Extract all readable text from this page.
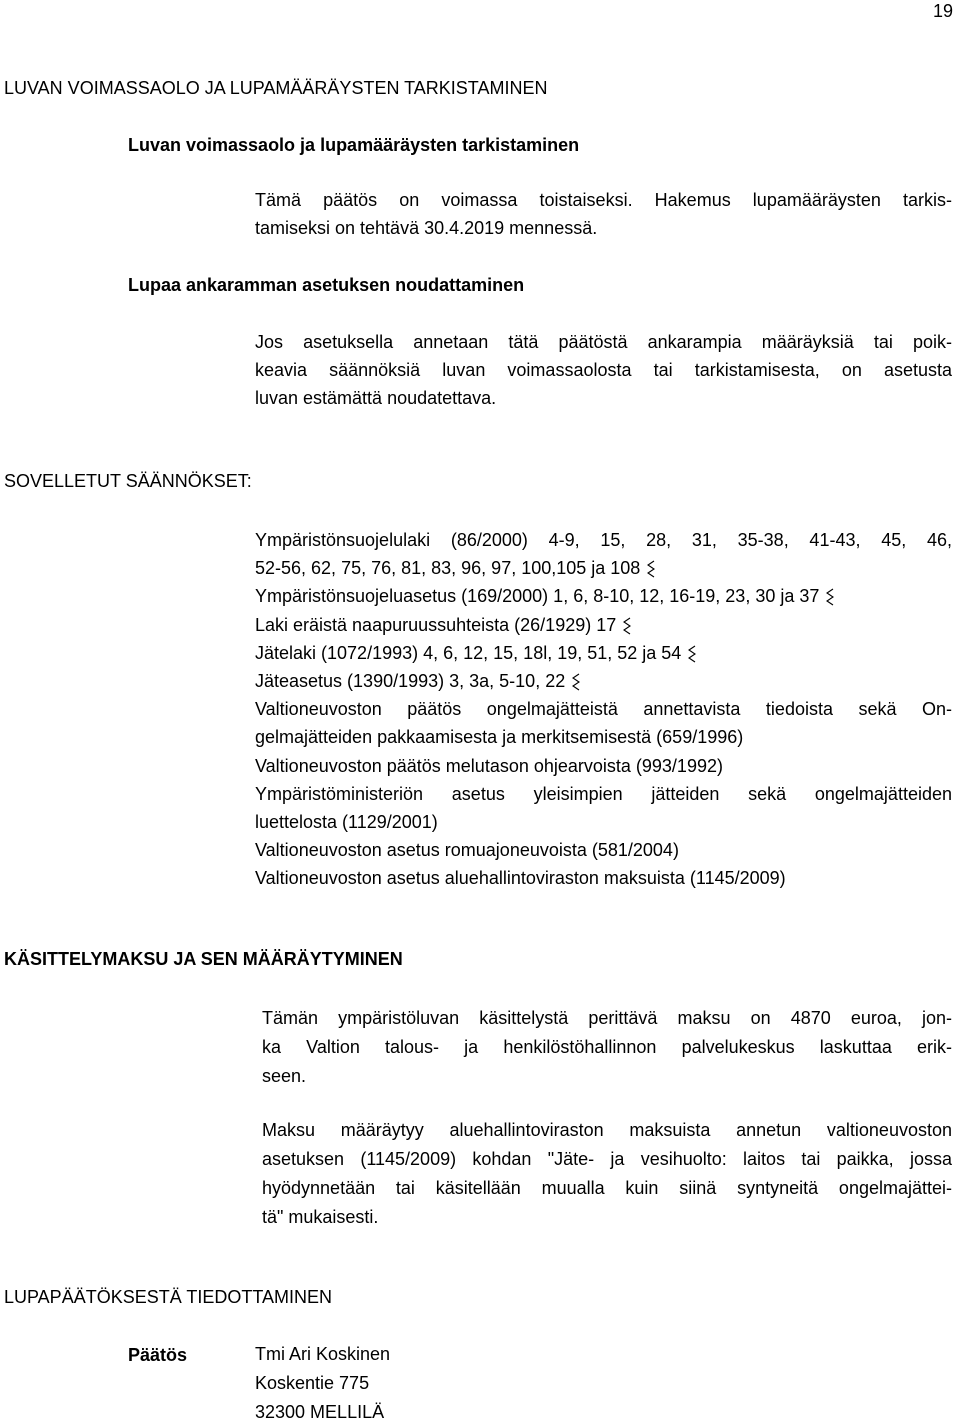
19
LUVAN VOIMASSAOLO JA LUPAMÄÄRÄYSTEN TARKISTAMINEN
Luvan voimassaolo ja lupamääräysten tarkistaminen
Tämä päätös on voimassa toistaiseksi. Hakemus lupamääräysten tarkis-
tamiseksi on tehtävä 30.4.2019 mennessä.
Lupaa ankaramman asetuksen noudattaminen
Jos asetuksella annetaan tätä päätöstä ankarampia määräyksiä tai poik-
keavia säännöksiä luvan voimassaolosta tai tarkistamisesta, on asetusta
luvan estämättä noudatettava.
SOVELLETUT SÄÄNNÖKSET:
Ympäristönsuojelulaki (86/2000) 4-9, 15, 28, 31, 35-38, 41-43, 45, 46,
52-56, 62, 75, 76, 81, 83, 96, 97, 100,105 ja 108
Ympäristönsuojeluasetus (169/2000) 1, 6, 8-10, 12, 16-19, 23, 30 ja 37
Laki eräistä naapuruussuhteista (26/1929) 17
Jätelaki (1072/1993) 4, 6, 12, 15, 18l, 19, 51, 52 ja 54
Jäteasetus (1390/1993) 3, 3a, 5-10, 22
Valtioneuvoston päätös ongelmajätteistä annettavista tiedoista sekä On-
gelmajätteiden pakkaamisesta ja merkitsemisestä (659/1996)
Valtioneuvoston päätös melutason ohjearvoista (993/1992)
Ympäristöministeriön asetus yleisimpien jätteiden sekä ongelmajätteiden
luettelosta (1129/2001)
Valtioneuvoston asetus romuajoneuvoista (581/2004)
Valtioneuvoston asetus aluehallintoviraston maksuista (1145/2009)
KÄSITTELYMAKSU JA SEN MÄÄRÄYTYMINEN
Tämän ympäristöluvan käsittelystä perittävä maksu on 4870 euroa, jon-
ka Valtion talous- ja henkilöstöhallinnon palvelukeskus laskuttaa erik-
seen.
Maksu määräytyy aluehallintoviraston maksuista annetun valtioneuvoston
asetuksen (1145/2009) kohdan "Jäte- ja vesihuolto: laitos tai paikka, jossa
hyödynnetään tai käsitellään muualla kuin siinä syntyneitä ongelmajättei-
tä" mukaisesti.
LUPAPÄÄTÖKSESTÄ TIEDOTTAMINEN
Päätös	Tmi Ari Koskinen
Koskentie 775
32300 MELLILÄ
